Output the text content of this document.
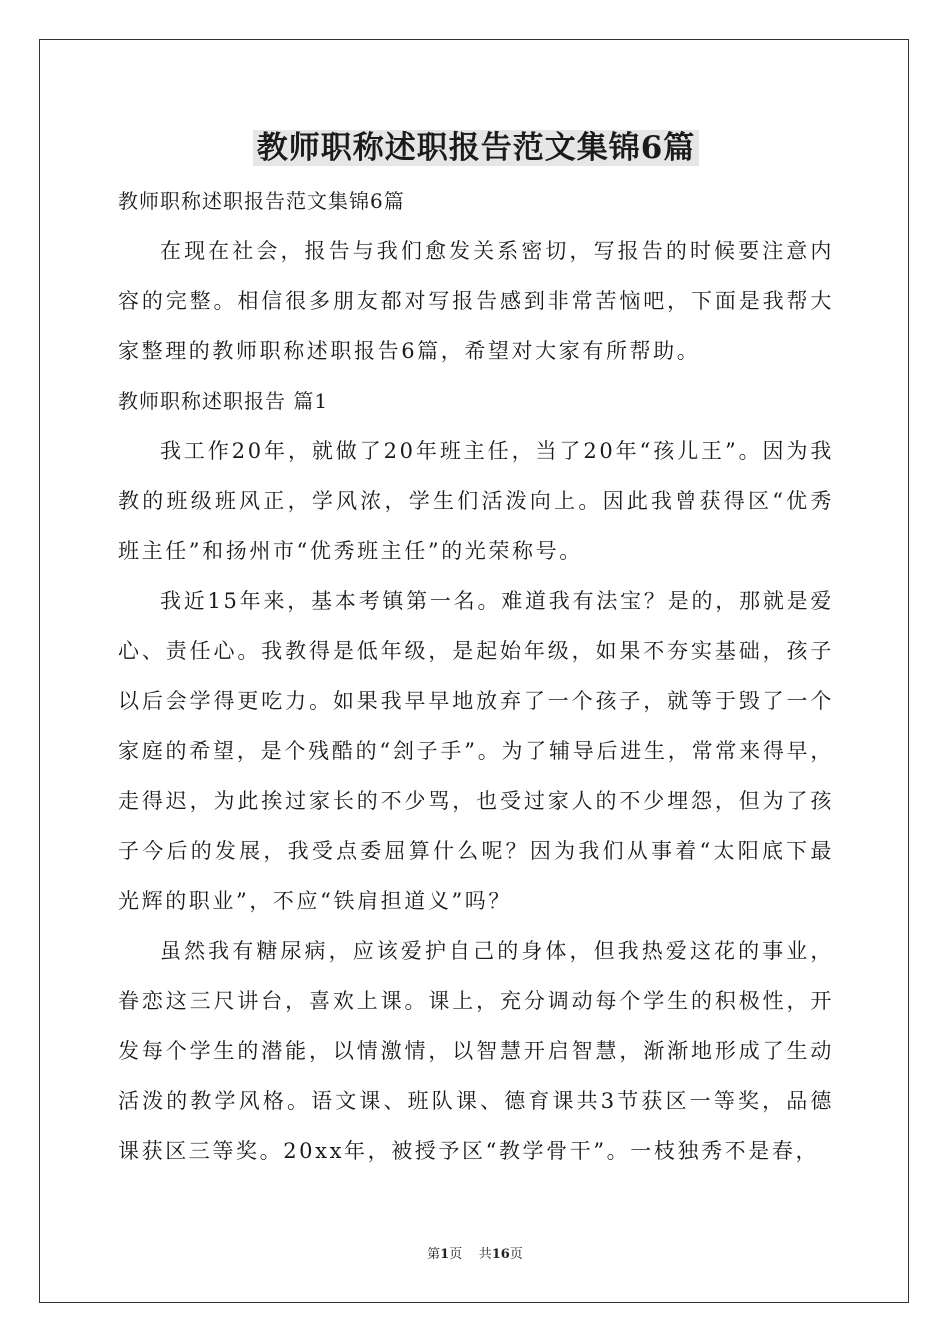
教师职称述职报告范文集锦6篇

教师职称述职报告范文集锦6篇

在现在社会，报告与我们愈发关系密切，写报告的时候要注意内容的完整。相信很多朋友都对写报告感到非常苦恼吧，下面是我帮大家整理的教师职称述职报告6篇，希望对大家有所帮助。

教师职称述职报告 篇1

我工作20年，就做了20年班主任，当了20年“孩儿王”。因为我教的班级班风正，学风浓，学生们活泼向上。因此我曾获得区“优秀班主任”和扬州市“优秀班主任”的光荣称号。

我近15年来，基本考镇第一名。难道我有法宝？是的，那就是爱心、责任心。我教得是低年级，是起始年级，如果不夯实基础，孩子以后会学得更吃力。如果我早早地放弃了一个孩子，就等于毁了一个家庭的希望，是个残酷的“刽子手”。为了辅导后进生，常常来得早，走得迟，为此挨过家长的不少骂，也受过家人的不少埋怨，但为了孩子今后的发展，我受点委屈算什么呢？因为我们从事着“太阳底下最光辉的职业”，不应“铁肩担道义”吗？

虽然我有糖尿病，应该爱护自己的身体，但我热爱这花的事业，眷恋这三尺讲台，喜欢上课。课上，充分调动每个学生的积极性，开发每个学生的潜能，以情激情，以智慧开启智慧，渐渐地形成了生动活泼的教学风格。语文课、班队课、德育课共3节获区一等奖，品德课获区三等奖。20xx年，被授予区“教学骨干”。一枝独秀不是春，

第1页 共16页
